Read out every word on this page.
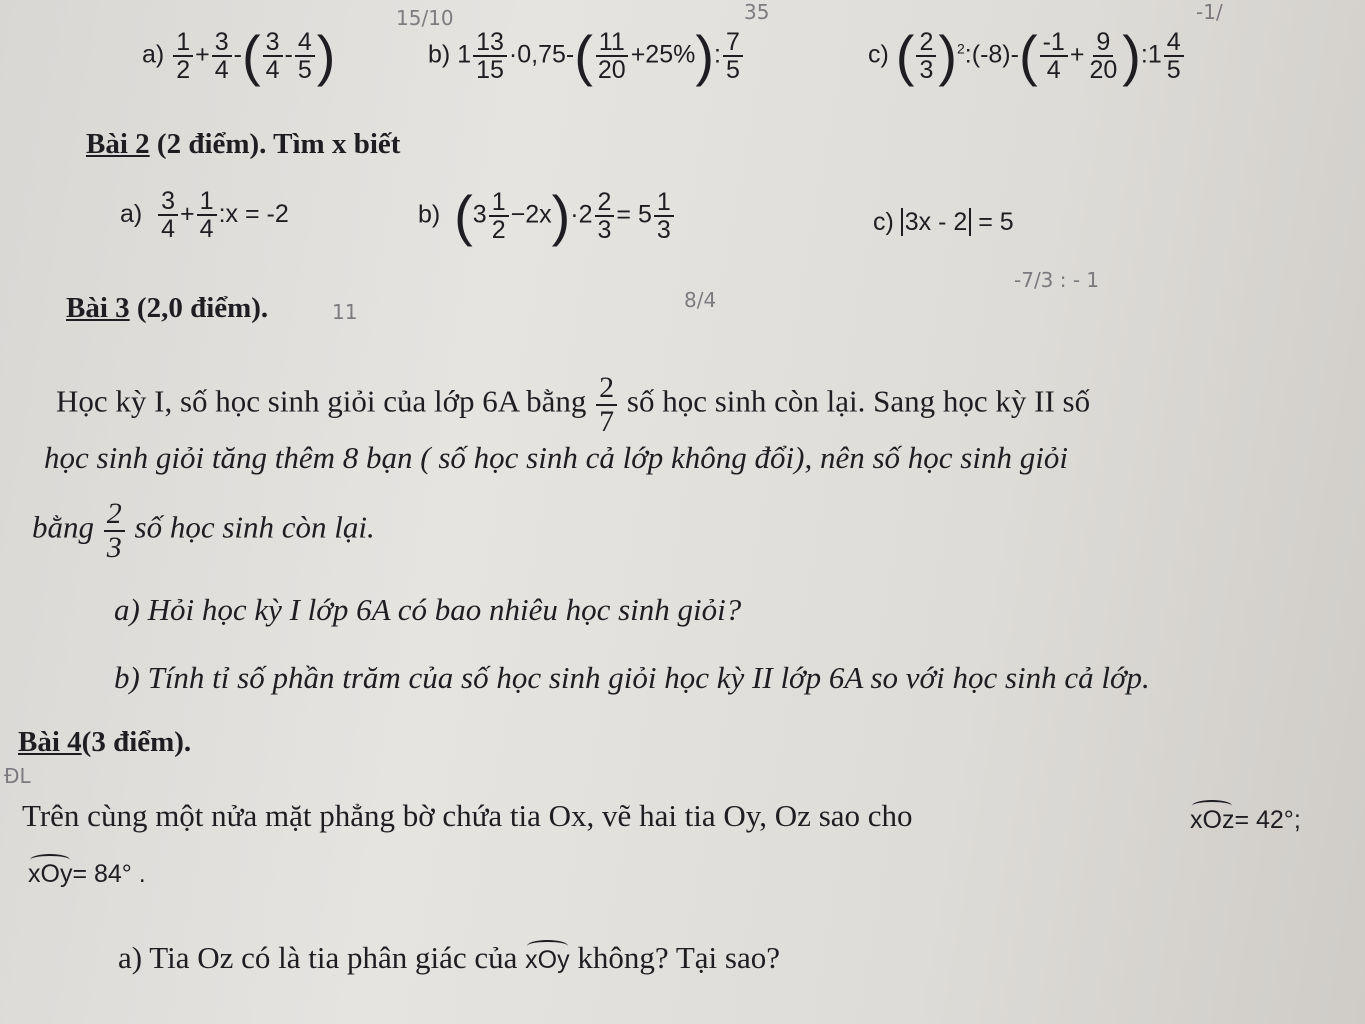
$a) \frac{1}{2} + \frac{3}{4}$ -( $\frac{3}{4} - \frac{4}{5}$ )	b) $1 \frac{13}{15} \cdot 0,75-( \frac{11}{20} +25\%)$: $\frac{7}{5}$	c) ( $\frac{2}{3}$ )$^2$:(-8)-( $\frac{-1}{4} + \frac{9}{20}$ ):1 $\frac{4}{5}$
Bài 2 (2 điểm). Tìm x biết
$a) \frac{3}{4} + \frac{1}{4}$ :x = -2	b) $(3 \frac{1}{2} -2x)\cdot 2 \frac{2}{3} = 5 \frac{1}{3}$	c) 3x - 2 = 5
Bài 3 (2,0 điểm).
Học kỳ I, số học sinh giỏi của lớp 6A bằng $\frac{2}{7}$ số học sinh còn lại. Sang học kỳ II số
học sinh giỏi tăng thêm 8 bạn ( số học sinh cả lớp không đổi), nên số học sinh giỏi
bằng $\frac{2}{3}$ số học sinh còn lại.
a) Hỏi học kỳ I lớp 6A có bao nhiêu học sinh giỏi?
b) Tính tỉ số phần trăm của số học sinh giỏi học kỳ II lớp 6A so với học sinh cả lớp.
Bài 4(3 điểm).
Trên cùng một nửa mặt phẳng bờ chứa tia Ox, vẽ hai tia Oy, Oz sao cho	xOz= 42°;
xOy= 84° .
a) Tia Oz có là tia phân giác của xOy không? Tại sao?
15/10	35	-1/
11	8/4
-7/3 : - 1
ĐL
